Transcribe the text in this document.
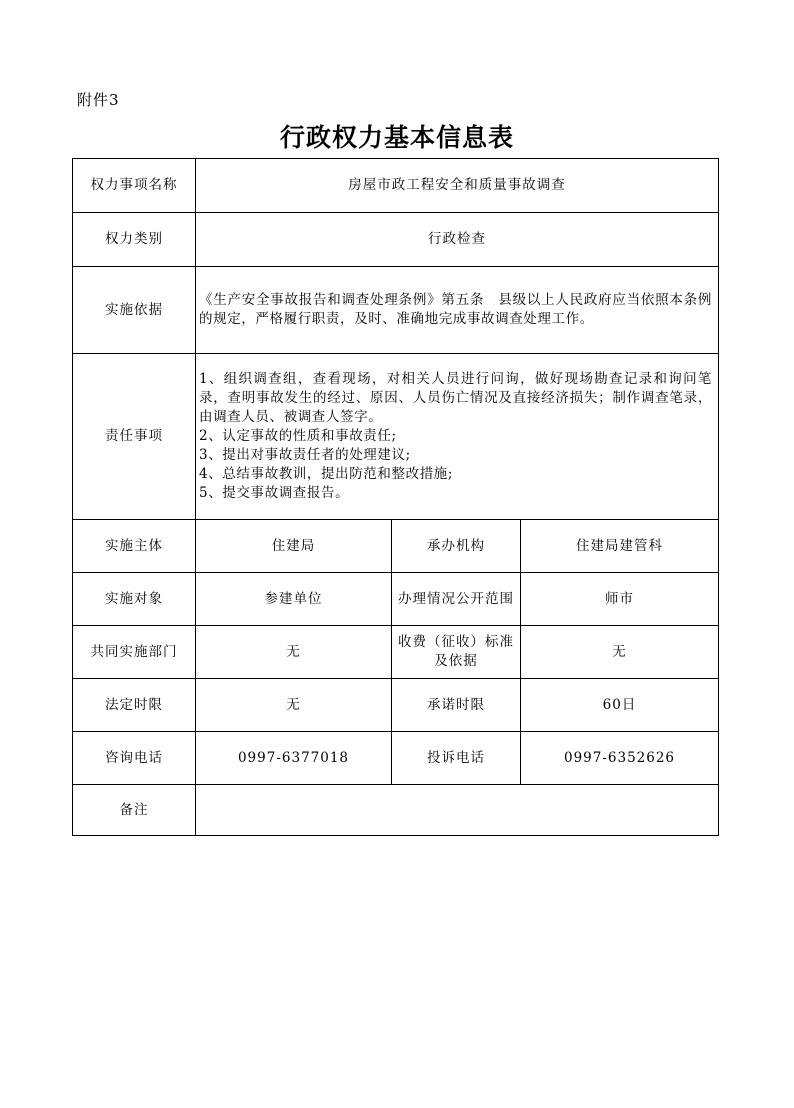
附件3
行政权力基本信息表
权力事项名称	房屋市政工程安全和质量事故调查		
权力类别	行政检查		
实施依据	《生产安全事故报告和调查处理条例》第五条　县级以上人民政府应当依照本条例的规定，严格履行职责，及时、准确地完成事故调查处理工作。		
责任事项	1、组织调查组，查看现场，对相关人员进行问询，做好现场勘查记录和询问笔录，查明事故发生的经过、原因、人员伤亡情况及直接经济损失；制作调查笔录，由调查人员、被调查人签字。
2、认定事故的性质和事故责任;
3、提出对事故责任者的处理建议;
4、总结事故教训，提出防范和整改措施;
5、提交事故调查报告。		

实施主体	住建局	承办机构	住建局建管科
实施对象	参建单位	办理情况公开范围	师市
共同实施部门	无	收费（征收）标准及依据	无
法定时限	无	承诺时限	60日
咨询电话	0997-6377018	投诉电话	0997-6352626
备注			
